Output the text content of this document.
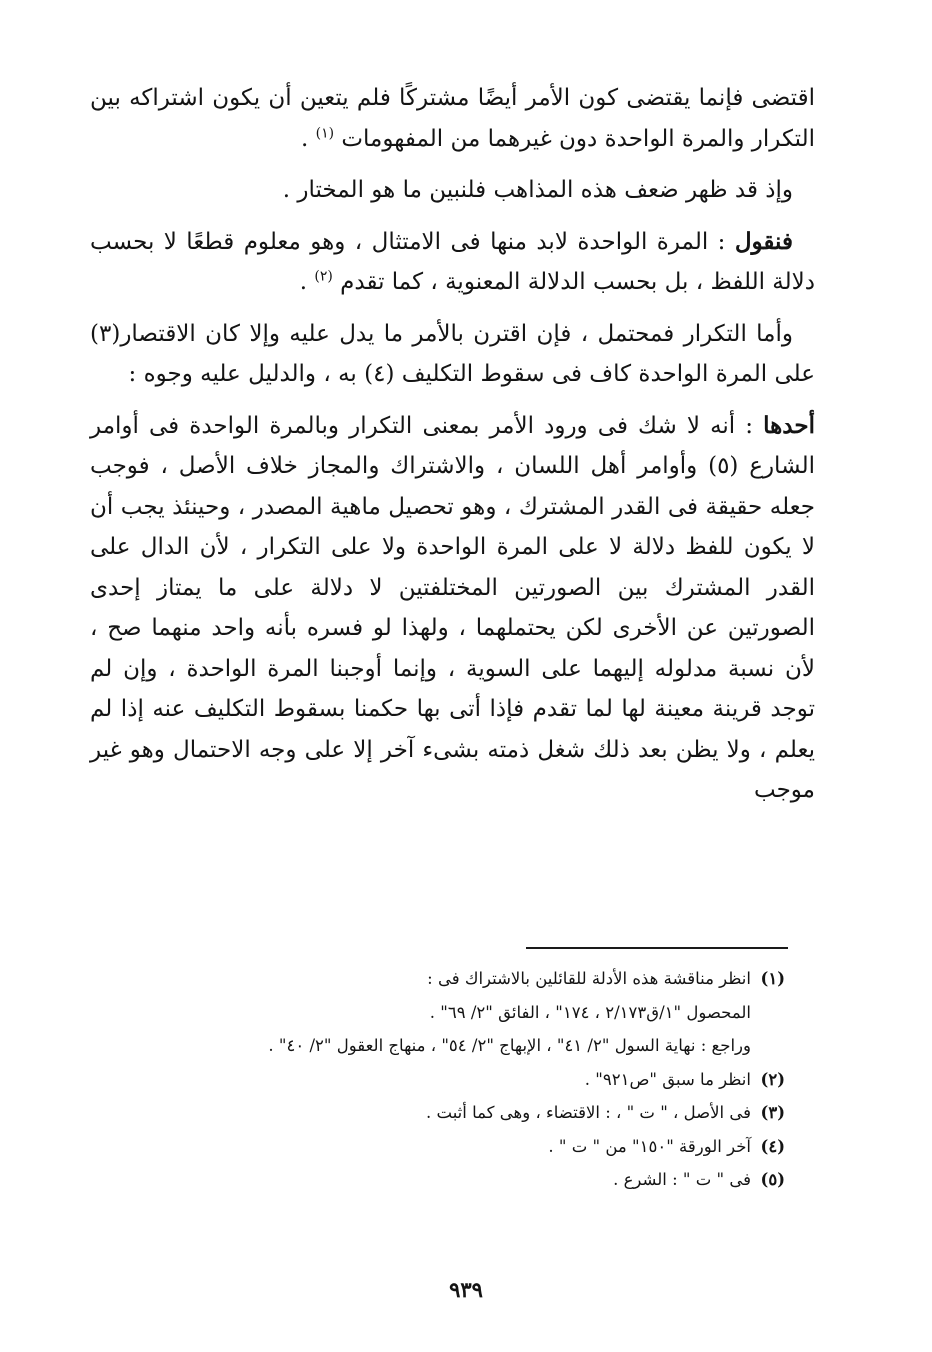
اقتضى فإنما يقتضى كون الأمر أيضًا مشتركًا فلم يتعين أن يكون اشتراكه بين التكرار والمرة الواحدة دون غيرهما من المفهومات $^{(١)}$ .

وإذ قد ظهر ضعف هذه المذاهب فلنبين ما هو المختار .

فنقول : المرة الواحدة لابد منها فى الامتثال ، وهو معلوم قطعًا لا بحسب دلالة اللفظ ، بل بحسب الدلالة المعنوية ، كما تقدم $^{(٢)}$ .

وأما التكرار فمحتمل ، فإن اقترن بالأمر ما يدل عليه وإلا كان الاقتصار(٣) على المرة الواحدة كاف فى سقوط التكليف (٤) به ، والدليل عليه وجوه :

أحدها : أنه لا شك فى ورود الأمر بمعنى التكرار وبالمرة الواحدة فى أوامر الشارع (٥) وأوامر أهل اللسان ، والاشتراك والمجاز خلاف الأصل ، فوجب جعله حقيقة فى القدر المشترك ، وهو تحصيل ماهية المصدر ، وحينئذ يجب أن لا يكون للفظ دلالة لا على المرة الواحدة ولا على التكرار ، لأن الدال على القدر المشترك بين الصورتين المختلفتين لا دلالة على ما يمتاز إحدى الصورتين عن الأخرى لكن يحتملهما ، ولهذا لو فسره بأنه واحد منهما صح ، لأن نسبة مدلوله إليهما على السوية ، وإنما أوجبنا المرة الواحدة ، وإن لم توجد قرينة معينة لها لما تقدم فإذا أتى بها حكمنا بسقوط التكليف عنه إذا لم يعلم ، ولا يظن بعد ذلك شغل ذمته بشىء آخر إلا على وجه الاحتمال وهو غير موجب

(١)انظر مناقشة هذه الأدلة للقائلين بالاشتراك فى :

المحصول "١/ق٢/١٧٣ ، ١٧٤" ، الفائق "٢/ ٦٩" .

وراجع : نهاية السول "٢/ ٤١" ، الإبهاج "٢/ ٥٤" ، منهاج العقول "٢/ ٤٠" .

(٢)انظر ما سبق "ص٩٢١" .

(٣)فى الأصل ، " ت " ، : الاقتضاء ، وهى كما أثبت .

(٤)آخر الورقة "١٥٠" من " ت " .

(٥)فى " ت " : الشرع .

٩٣٩
